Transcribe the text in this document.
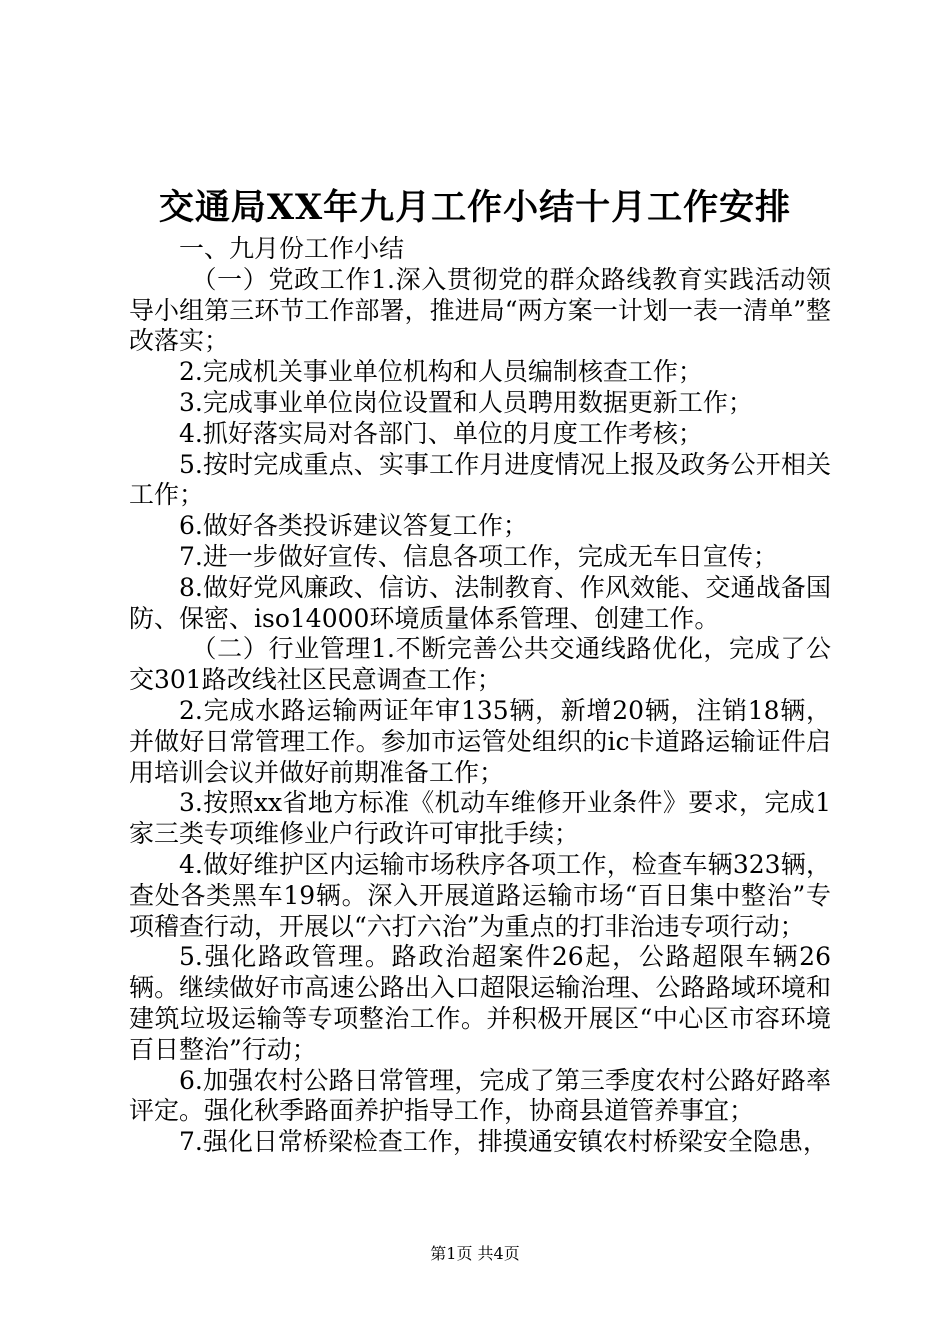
交通局XX年九月工作小结十月工作安排

一、九月份工作小结

（一）党政工作1.深入贯彻党的群众路线教育实践活动领导小组第三环节工作部署，推进局“两方案一计划一表一清单”整改落实；

2.完成机关事业单位机构和人员编制核查工作；

3.完成事业单位岗位设置和人员聘用数据更新工作；

4.抓好落实局对各部门、单位的月度工作考核；

5.按时完成重点、实事工作月进度情况上报及政务公开相关工作；

6.做好各类投诉建议答复工作；

7.进一步做好宣传、信息各项工作，完成无车日宣传；

8.做好党风廉政、信访、法制教育、作风效能、交通战备国防、保密、iso14000环境质量体系管理、创建工作。

（二）行业管理1.不断完善公共交通线路优化，完成了公交301路改线社区民意调查工作；

2.完成水路运输两证年审135辆，新增20辆，注销18辆，并做好日常管理工作。参加市运管处组织的ic卡道路运输证件启用培训会议并做好前期准备工作；

3.按照xx省地方标准《机动车维修开业条件》要求，完成1家三类专项维修业户行政许可审批手续；

4.做好维护区内运输市场秩序各项工作，检查车辆323辆，查处各类黑车19辆。深入开展道路运输市场“百日集中整治”专项稽查行动，开展以“六打六治”为重点的打非治违专项行动；

5.强化路政管理。路政治超案件26起，公路超限车辆26辆。继续做好市高速公路出入口超限运输治理、公路路域环境和建筑垃圾运输等专项整治工作。并积极开展区“中心区市容环境百日整治”行动；

6.加强农村公路日常管理，完成了第三季度农村公路好路率评定。强化秋季路面养护指导工作，协商县道管养事宜；

7.强化日常桥梁检查工作，排摸通安镇农村桥梁安全隐患，

第1页 共4页
